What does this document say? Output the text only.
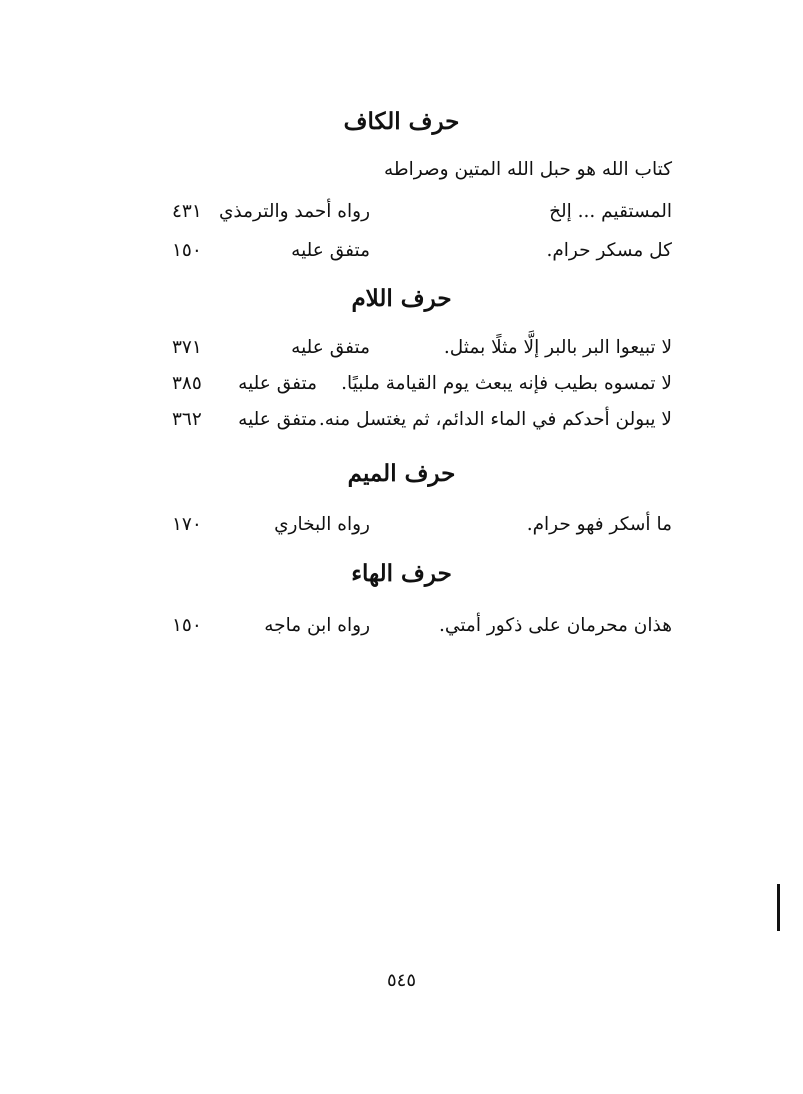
حرف الكاف
كتاب الله هو حبل الله المتين وصراطه
المستقيم ... إلخ
رواه أحمد والترمذي
٤٣١
كل مسكر حرام.
متفق عليه
١٥٠
حرف اللام
لا تبيعوا البر بالبر إلَّا مثلًا بمثل.
متفق عليه
٣٧١
لا تمسوه بطيب فإنه يبعث يوم القيامة ملبيًا.
متفق عليه
٣٨٥
لا يبولن أحدكم في الماء الدائم، ثم يغتسل منه.
متفق عليه
٣٦٢
حرف الميم
ما أسكر فهو حرام.
رواه البخاري
١٧٠
حرف الهاء
هذان محرمان على ذكور أمتي.
رواه ابن ماجه
١٥٠
٥٤٥
